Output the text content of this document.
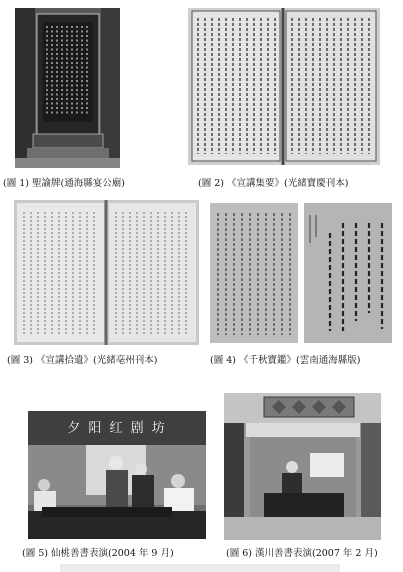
(圖 1) 聖諭牌(通海縣宴公廟)	(圖 2) 《宣講集要》(光緒寶慶刊本)
(圖 3) 《宣講拾遺》(光緒亳州刊本)	(圖 4) 《千秋寶鑑》(雲南通海縣版)
夕 阳 红 剧 坊
(圖 5) 仙桃善書表演(2004 年 9 月)	(圖 6) 漢川善書表演(2007 年 2 月)
